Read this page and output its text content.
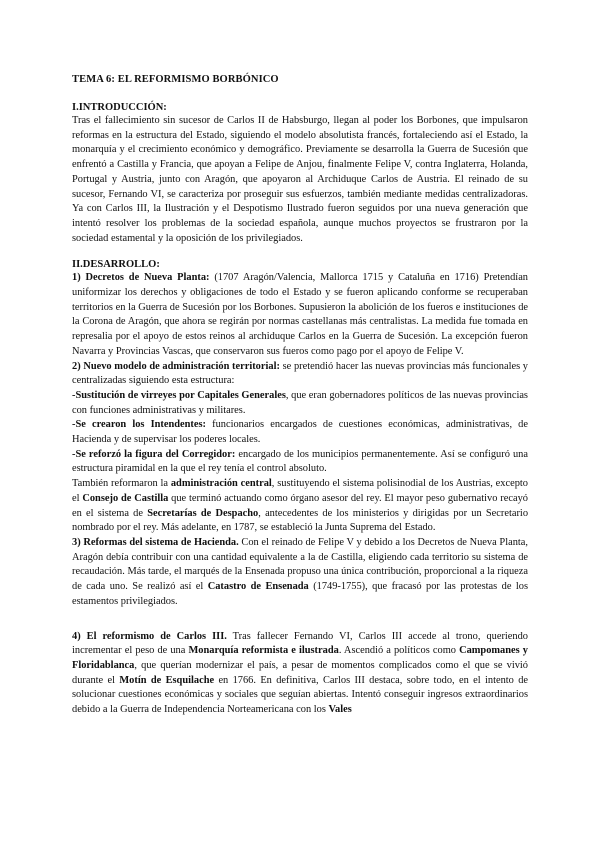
TEMA 6: EL REFORMISMO BORBÓNICO
I.INTRODUCCIÓN:

Tras el fallecimiento sin sucesor de Carlos II de Habsburgo, llegan al poder los Borbones, que impulsaron reformas en la estructura del Estado, siguiendo el modelo absolutista francés, fortaleciendo así el Estado, la monarquía y el crecimiento económico y demográfico. Previamente se desarrolla la Guerra de Sucesión que enfrentó a Castilla y Francia, que apoyan a Felipe de Anjou, finalmente Felipe V, contra Inglaterra, Holanda, Portugal y Austria, junto con Aragón, que apoyaron al Archiduque Carlos de Austria. El reinado de su sucesor, Fernando VI, se caracteriza por proseguir sus esfuerzos, también mediante medidas centralizadoras. Ya con Carlos III, la Ilustración y el Despotismo Ilustrado fueron seguidos por una nueva generación que intentó resolver los problemas de la sociedad española, aunque muchos proyectos se frustraron por la sociedad estamental y la oposición de los privilegiados.

II.DESARROLLO:

1) Decretos de Nueva Planta: (1707 Aragón/Valencia, Mallorca 1715 y Cataluña en 1716) Pretendían uniformizar los derechos y obligaciones de todo el Estado y se fueron aplicando conforme se recuperaban territorios en la Guerra de Sucesión por los Borbones. Supusieron la abolición de los fueros e instituciones de la Corona de Aragón, que ahora se regirán por normas castellanas más centralistas. La medida fue tomada en represalia por el apoyo de estos reinos al archiduque Carlos en la Guerra de Sucesión. La excepción fueron Navarra y Provincias Vascas, que conservaron sus fueros como pago por el apoyo de Felipe V.

2) Nuevo modelo de administración territorial: se pretendió hacer las nuevas provincias más funcionales y centralizadas siguiendo esta estructura:

-Sustitución de virreyes por Capitales Generales, que eran gobernadores políticos de las nuevas provincias con funciones administrativas y militares.

-Se crearon los Intendentes: funcionarios encargados de cuestiones económicas, administrativas, de Hacienda y de supervisar los poderes locales.

-Se reforzó la figura del Corregidor: encargado de los municipios permanentemente. Así se configuró una estructura piramidal en la que el rey tenía el control absoluto.

También reformaron la administración central, sustituyendo el sistema polisinodial de los Austrias, excepto el Consejo de Castilla que terminó actuando como órgano asesor del rey. El mayor peso gubernativo recayó en el sistema de Secretarías de Despacho, antecedentes de los ministerios y dirigidas por un Secretario nombrado por el rey. Más adelante, en 1787, se estableció la Junta Suprema del Estado.

3) Reformas del sistema de Hacienda. Con el reinado de Felipe V y debido a los Decretos de Nueva Planta, Aragón debía contribuir con una cantidad equivalente a la de Castilla, eligiendo cada territorio su sistema de recaudación. Más tarde, el marqués de la Ensenada propuso una única contribución, proporcional a la riqueza de cada uno. Se realizó así el Catastro de Ensenada (1749-1755), que fracasó por las protestas de los estamentos privilegiados.

4) El reformismo de Carlos III. Tras fallecer Fernando VI, Carlos III accede al trono, queriendo incrementar el peso de una Monarquía reformista e ilustrada. Ascendió a políticos como Campomanes y Floridablanca, que querían modernizar el país, a pesar de momentos complicados como el que se vivió durante el Motín de Esquilache en 1766. En definitiva, Carlos III destaca, sobre todo, en el intento de solucionar cuestiones económicas y sociales que seguían abiertas. Intentó conseguir ingresos extraordinarios debido a la Guerra de Independencia Norteamericana con los Vales
